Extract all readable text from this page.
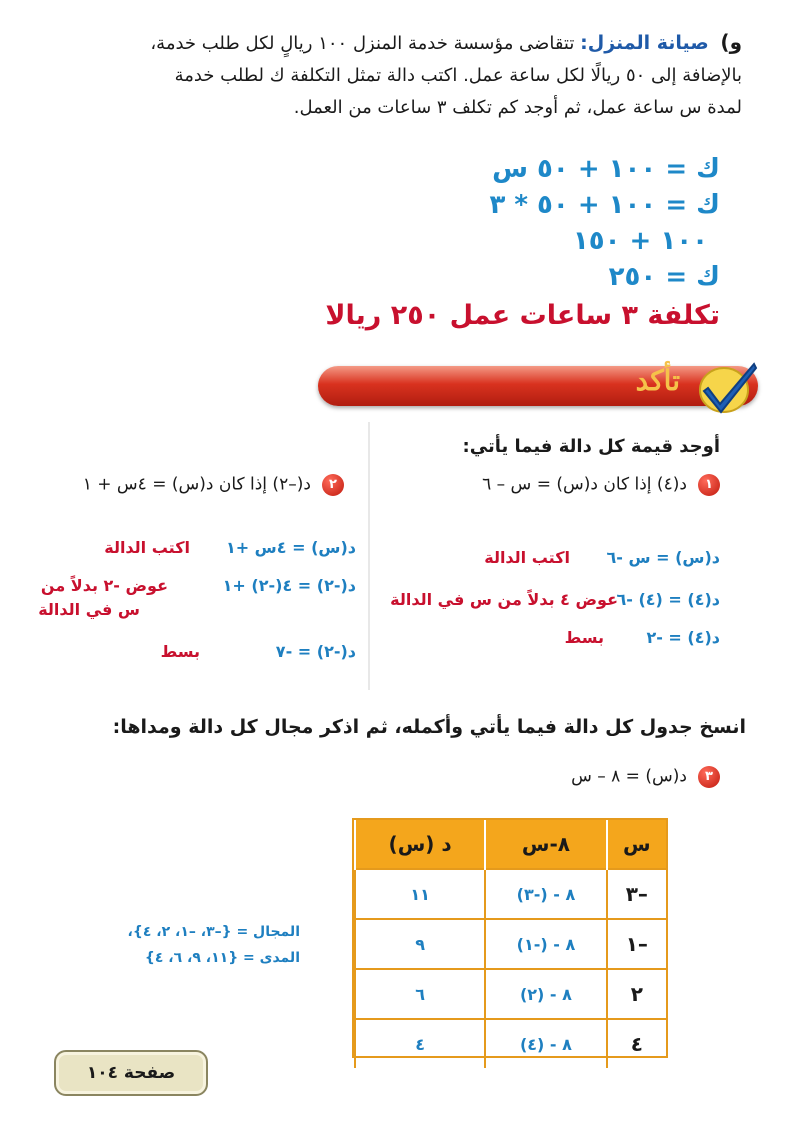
و) صيانة المنزل: تتقاضى مؤسسة خدمة المنزل ١٠٠ ريالٍ لكل طلب خدمة،
بالإضافة إلى ٥٠ ريالًا لكل ساعة عمل. اكتب دالة تمثل التكلفة ك لطلب خدمة
لمدة س ساعة عمل، ثم أوجد كم تكلف ٣ ساعات من العمل.
ك = ١٠٠ + ٥٠ س
ك = ١٠٠ + ٥٠ * ٣
١٠٠ + ١٥٠
ك = ٢٥٠
تكلفة ٣ ساعات عمل ٢٥٠ ريالا
تأكد
أوجد قيمة كل دالة فيما يأتي:
١ د(٤) إذا كان د(س) = س – ٦
د(س) = س -٦
اكتب الدالة
د(٤) = (٤) -٦
عوض ٤ بدلاً من س في الدالة
د(٤) = -٢
بسط
٢ د(–٢) إذا كان د(س) = ٤س + ١
د(س) = ٤س +١
اكتب الدالة
د(-٢) = ٤(-٢) +١
عوض -٢ بدلاً من
س في الدالة
د(-٢) = -٧
بسط
انسخ جدول كل دالة فيما يأتي وأكمله، ثم اذكر مجال كل دالة ومداها:
٣ د(س) = ٨ – س
س	٨-س	د (س)
–٣	٨ - (-٣)	١١
–١	٨ - (-١)	٩
٢	٨ - (٢)	٦
٤	٨ - (٤)	٤
المجال = {–٣، –١، ٢، ٤}،
المدى = {١١، ٩، ٦، ٤}
صفحة ١٠٤
